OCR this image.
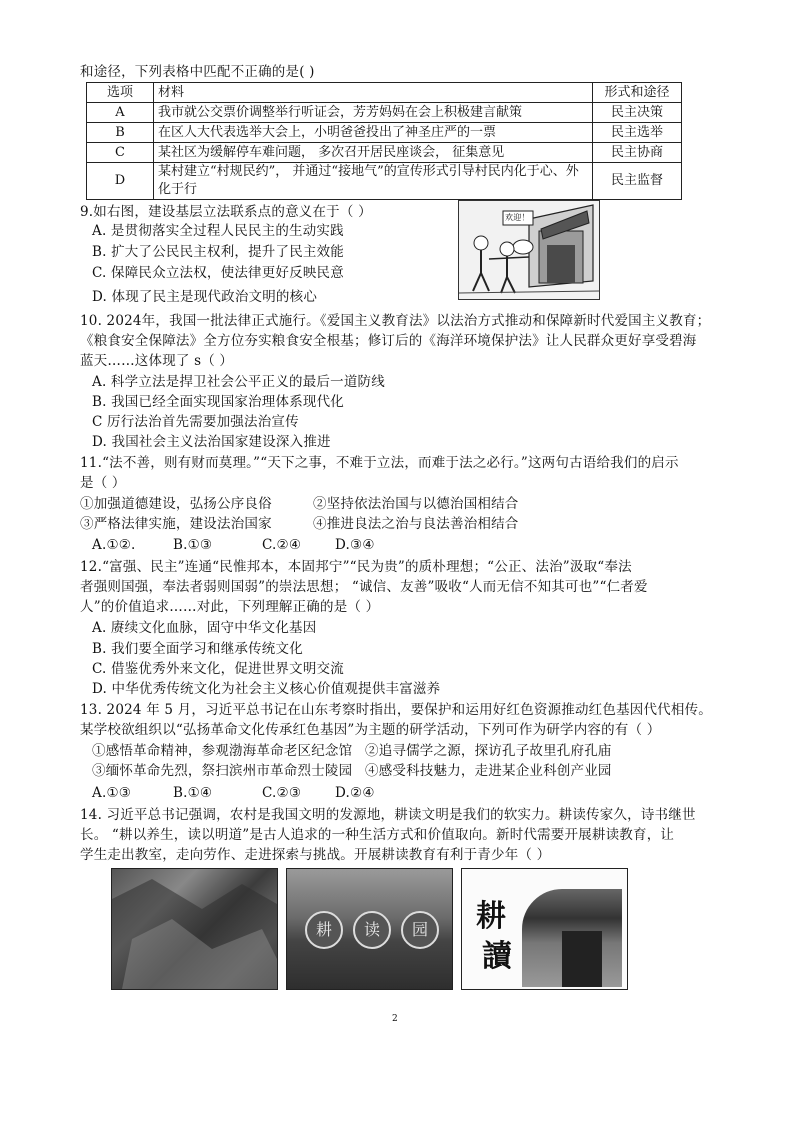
和途径，下列表格中匹配不正确的是( )
选项	材料	形式和途径
A	我市就公交票价调整举行听证会，芳芳妈妈在会上积极建言献策	民主决策
B	在区人大代表选举大会上，小明爸爸投出了神圣庄严的一票	民主选举
C	某社区为缓解停车难问题， 多次召开居民座谈会， 征集意见	民主协商
D	某村建立“村规民约”， 并通过“接地气”的宣传形式引导村民内化于心、外化于行	民主监督
9.如右图，建设基层立法联系点的意义在于（ ）
A. 是贯彻落实全过程人民民主的生动实践
B. 扩大了公民民主权利，提升了民主效能
C. 保障民众立法权，使法律更好反映民意
D. 体现了民主是现代政治文明的核心
欢迎！
10. 2024年，我国一批法律正式施行。《爱国主义教育法》以法治方式推动和保障新时代爱国主义教育；
《粮食安全保障法》全方位夯实粮食安全根基；修订后的《海洋环境保护法》让人民群众更好享受碧海
蓝天……这体现了 s（ ）
A. 科学立法是捍卫社会公平正义的最后一道防线
B. 我国已经全面实现国家治理体系现代化
C 厉行法治首先需要加强法治宣传
D. 我国社会主义法治国家建设深入推进
11.“法不善，则有财而莫理。”“天下之事，不难于立法，而难于法之必行。”这两句古语给我们的启示
是（ ）
①加强道德建设，弘扬公序良俗	②坚持依法治国与以德治国相结合
③严格法律实施，建设法治国家	④推进良法之治与良法善治相结合
A.①②.	B.①③	C.②④	D.③④
12.“富强、民主”连通“民惟邦本，本固邦宁”“民为贵”的质朴理想；“公正、法治”汲取“奉法
者强则国强，奉法者弱则国弱”的崇法思想； “诚信、友善”吸收“人而无信不知其可也”“仁者爱
人”的价值追求……对此，下列理解正确的是（ ）
A. 赓续文化血脉，固守中华文化基因
B. 我们要全面学习和继承传统文化
C. 借鉴优秀外来文化，促进世界文明交流
D. 中华优秀传统文化为社会主义核心价值观提供丰富滋养
13. 2024 年 5 月，习近平总书记在山东考察时指出，要保护和运用好红色资源推动红色基因代代相传。
某学校欲组织以“弘扬革命文化传承红色基因”为主题的研学活动，下列可作为研学内容的有（ ）
①感悟革命精神，参观渤海革命老区纪念馆 ②追寻儒学之源，探访孔子故里孔府孔庙
③缅怀革命先烈，祭扫滨州市革命烈士陵园 ④感受科技魅力，走进某企业科创产业园
A.①③	B.①④	C.②③	D.②④
14. 习近平总书记强调，农村是我国文明的发源地，耕读文明是我们的软实力。耕读传家久，诗书继世
长。 “耕以养生，读以明道”是古人追求的一种生活方式和价值取向。新时代需要开展耕读教育，让
学生走出教室，走向劳作、走进探索与挑战。开展耕读教育有利于青少年（ ）
耕	读	园	耕
讀
2
